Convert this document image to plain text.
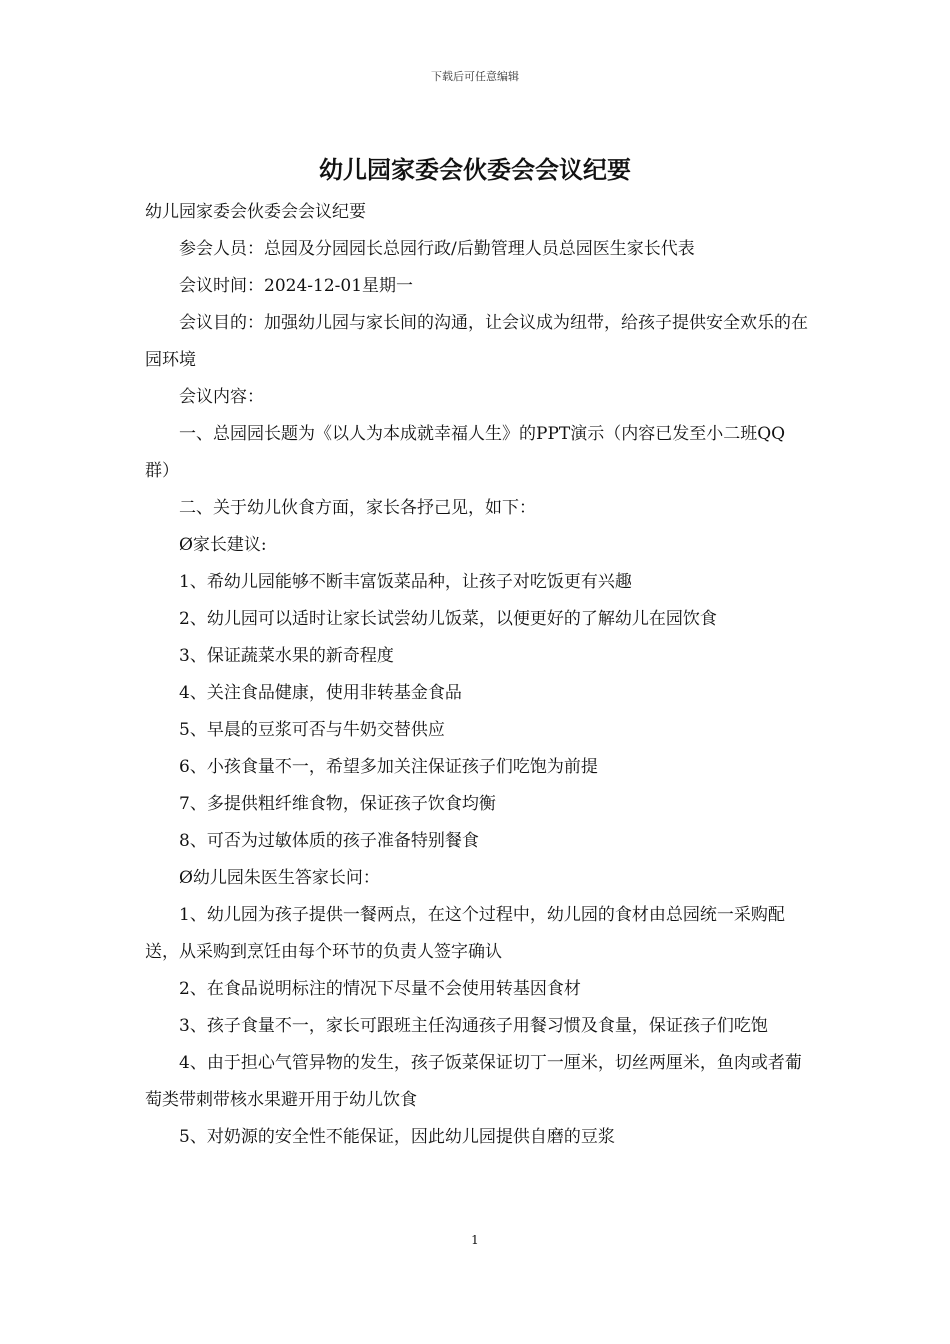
下载后可任意编辑
幼儿园家委会伙委会会议纪要

幼儿园家委会伙委会会议纪要

参会人员：总园及分园园长总园行政/后勤管理人员总园医生家长代表

会议时间：2024-12-01星期一

会议目的：加强幼儿园与家长间的沟通，让会议成为纽带，给孩子提供安全欢乐的在园环境

会议内容：

一、总园园长题为《以人为本成就幸福人生》的PPT演示（内容已发至小二班QQ群）

二、关于幼儿伙食方面，家长各抒己见，如下：

Ø家长建议:

1、希幼儿园能够不断丰富饭菜品种，让孩子对吃饭更有兴趣

2、幼儿园可以适时让家长试尝幼儿饭菜，以便更好的了解幼儿在园饮食

3、保证蔬菜水果的新奇程度

4、关注食品健康，使用非转基金食品

5、早晨的豆浆可否与牛奶交替供应

6、小孩食量不一，希望多加关注保证孩子们吃饱为前提

7、多提供粗纤维食物，保证孩子饮食均衡

8、可否为过敏体质的孩子准备特别餐食

Ø幼儿园朱医生答家长问：

1、幼儿园为孩子提供一餐两点，在这个过程中，幼儿园的食材由总园统一采购配送，从采购到烹饪由每个环节的负责人签字确认

2、在食品说明标注的情况下尽量不会使用转基因食材

3、孩子食量不一，家长可跟班主任沟通孩子用餐习惯及食量，保证孩子们吃饱

4、由于担心气管异物的发生，孩子饭菜保证切丁一厘米，切丝两厘米，鱼肉或者葡萄类带刺带核水果避开用于幼儿饮食

5、对奶源的安全性不能保证，因此幼儿园提供自磨的豆浆

1
